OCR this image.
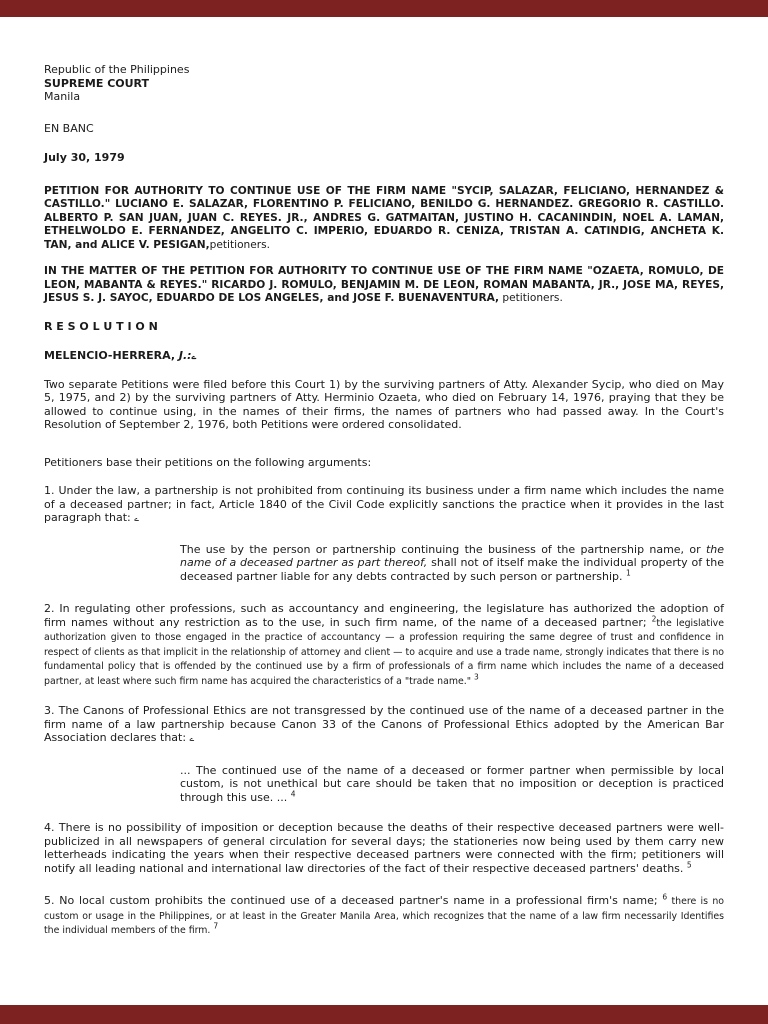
Republic of the Philippines

SUPREME COURT

Manila

EN BANC

July 30, 1979

PETITION FOR AUTHORITY TO CONTINUE USE OF THE FIRM NAME "SYCIP, SALAZAR, FELICIANO, HERNANDEZ & CASTILLO." LUCIANO E. SALAZAR, FLORENTINO P. FELICIANO, BENILDO G. HERNANDEZ. GREGORIO R. CASTILLO. ALBERTO P. SAN JUAN, JUAN C. REYES. JR., ANDRES G. GATMAITAN, JUSTINO H. CACANINDIN, NOEL A. LAMAN, ETHELWOLDO E. FERNANDEZ, ANGELITO C. IMPERIO, EDUARDO R. CENIZA, TRISTAN A. CATINDIG, ANCHETA K. TAN, and ALICE V. PESIGAN,petitioners.

IN THE MATTER OF THE PETITION FOR AUTHORITY TO CONTINUE USE OF THE FIRM NAME "OZAETA, ROMULO, DE LEON, MABANTA & REYES." RICARDO J. ROMULO, BENJAMIN M. DE LEON, ROMAN MABANTA, JR., JOSE MA, REYES, JESUS S. J. SAYOC, EDUARDO DE LOS ANGELES, and JOSE F. BUENAVENTURA, petitioners.

R E S O L U T I O N

MELENCIO-HERRERA, J.:ے

Two separate Petitions were filed before this Court 1) by the surviving partners of Atty. Alexander Sycip, who died on May 5, 1975, and 2) by the surviving partners of Atty. Herminio Ozaeta, who died on February 14, 1976, praying that they be allowed to continue using, in the names of their firms, the names of partners who had passed away. In the Court's Resolution of September 2, 1976, both Petitions were ordered consolidated.

Petitioners base their petitions on the following arguments:

1. Under the law, a partnership is not prohibited from continuing its business under a firm name which includes the name of a deceased partner; in fact, Article 1840 of the Civil Code explicitly sanctions the practice when it provides in the last paragraph that: ے

The use by the person or partnership continuing the business of the partnership name, or the name of a deceased partner as part thereof, shall not of itself make the individual property of the deceased partner liable for any debts contracted by such person or partnership. $^1$

2. In regulating other professions, such as accountancy and engineering, the legislature has authorized the adoption of firm names without any restriction as to the use, in such firm name, of the name of a deceased partner; $^2$the legislative authorization given to those engaged in the practice of accountancy — a profession requiring the same degree of trust and confidence in respect of clients as that implicit in the relationship of attorney and client — to acquire and use a trade name, strongly indicates that there is no fundamental policy that is offended by the continued use by a firm of professionals of a firm name which includes the name of a deceased partner, at least where such firm name has acquired the characteristics of a "trade name." $^3$

3. The Canons of Professional Ethics are not transgressed by the continued use of the name of a deceased partner in the firm name of a law partnership because Canon 33 of the Canons of Professional Ethics adopted by the American Bar Association declares that: ے

... The continued use of the name of a deceased or former partner when permissible by local custom, is not unethical but care should be taken that no imposition or deception is practiced through this use. ... $^4$

4. There is no possibility of imposition or deception because the deaths of their respective deceased partners were well-publicized in all newspapers of general circulation for several days; the stationeries now being used by them carry new letterheads indicating the years when their respective deceased partners were connected with the firm; petitioners will notify all leading national and international law directories of the fact of their respective deceased partners' deaths. $^5$

5. No local custom prohibits the continued use of a deceased partner's name in a professional firm's name; $^6$ there is no custom or usage in the Philippines, or at least in the Greater Manila Area, which recognizes that the name of a law firm necessarily Identifies the individual members of the firm. $^7$
